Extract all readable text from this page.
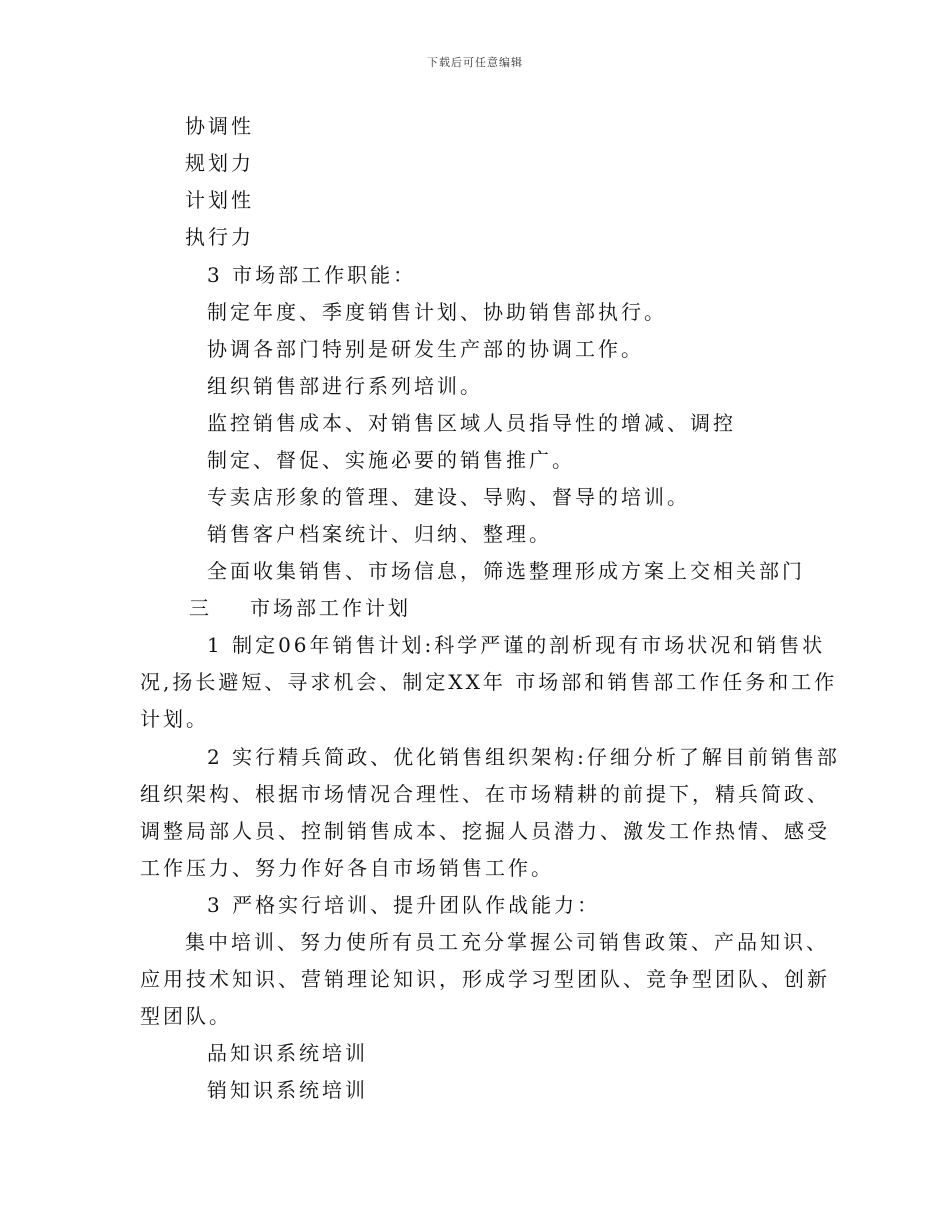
下载后可任意编辑
协调性
规划力
计划性
执行力
3 市场部工作职能：
制定年度、季度销售计划、协助销售部执行。
协调各部门特别是研发生产部的协调工作。
组织销售部进行系列培训。
监控销售成本、对销售区域人员指导性的增减、调控
制定、督促、实施必要的销售推广。
专卖店形象的管理、建设、导购、督导的培训。
销售客户档案统计、归纳、整理。
全面收集销售、市场信息，筛选整理形成方案上交相关部门
三 市场部工作计划
1 制定06年销售计划:科学严谨的剖析现有市场状况和销售状
况,扬长避短、寻求机会、制定XX年 市场部和销售部工作任务和工作
计划。
2 实行精兵简政、优化销售组织架构:仔细分析了解目前销售部
组织架构、根据市场情况合理性、在市场精耕的前提下，精兵简政、
调整局部人员、控制销售成本、挖掘人员潜力、激发工作热情、感受
工作压力、努力作好各自市场销售工作。
3 严格实行培训、提升团队作战能力：
集中培训、努力使所有员工充分掌握公司销售政策、产品知识、
应用技术知识、营销理论知识，形成学习型团队、竞争型团队、创新
型团队。
品知识系统培训
销知识系统培训
